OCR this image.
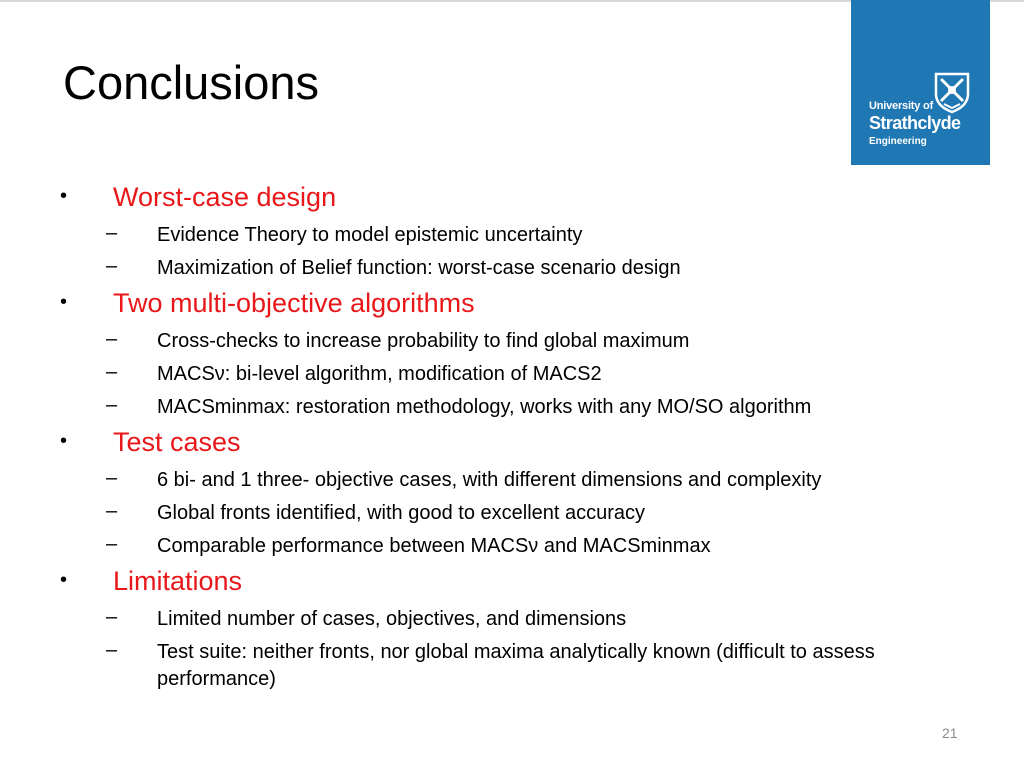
Conclusions	University of
Strathclyde
Engineering
• Worst-case design
– Evidence Theory to model epistemic uncertainty
– Maximization of Belief function: worst-case scenario design
• Two multi-objective algorithms
– Cross-checks to increase probability to find global maximum
– MACSν: bi-level algorithm, modification of MACS2
– MACSminmax: restoration methodology, works with any MO/SO algorithm
• Test cases
– 6 bi- and 1 three- objective cases, with different dimensions and complexity
– Global fronts identified, with good to excellent accuracy
– Comparable performance between MACSν and MACSminmax
• Limitations
– Limited number of cases, objectives, and dimensions
– Test suite: neither fronts, nor global maxima analytically known (difficult to assess performance)
21
